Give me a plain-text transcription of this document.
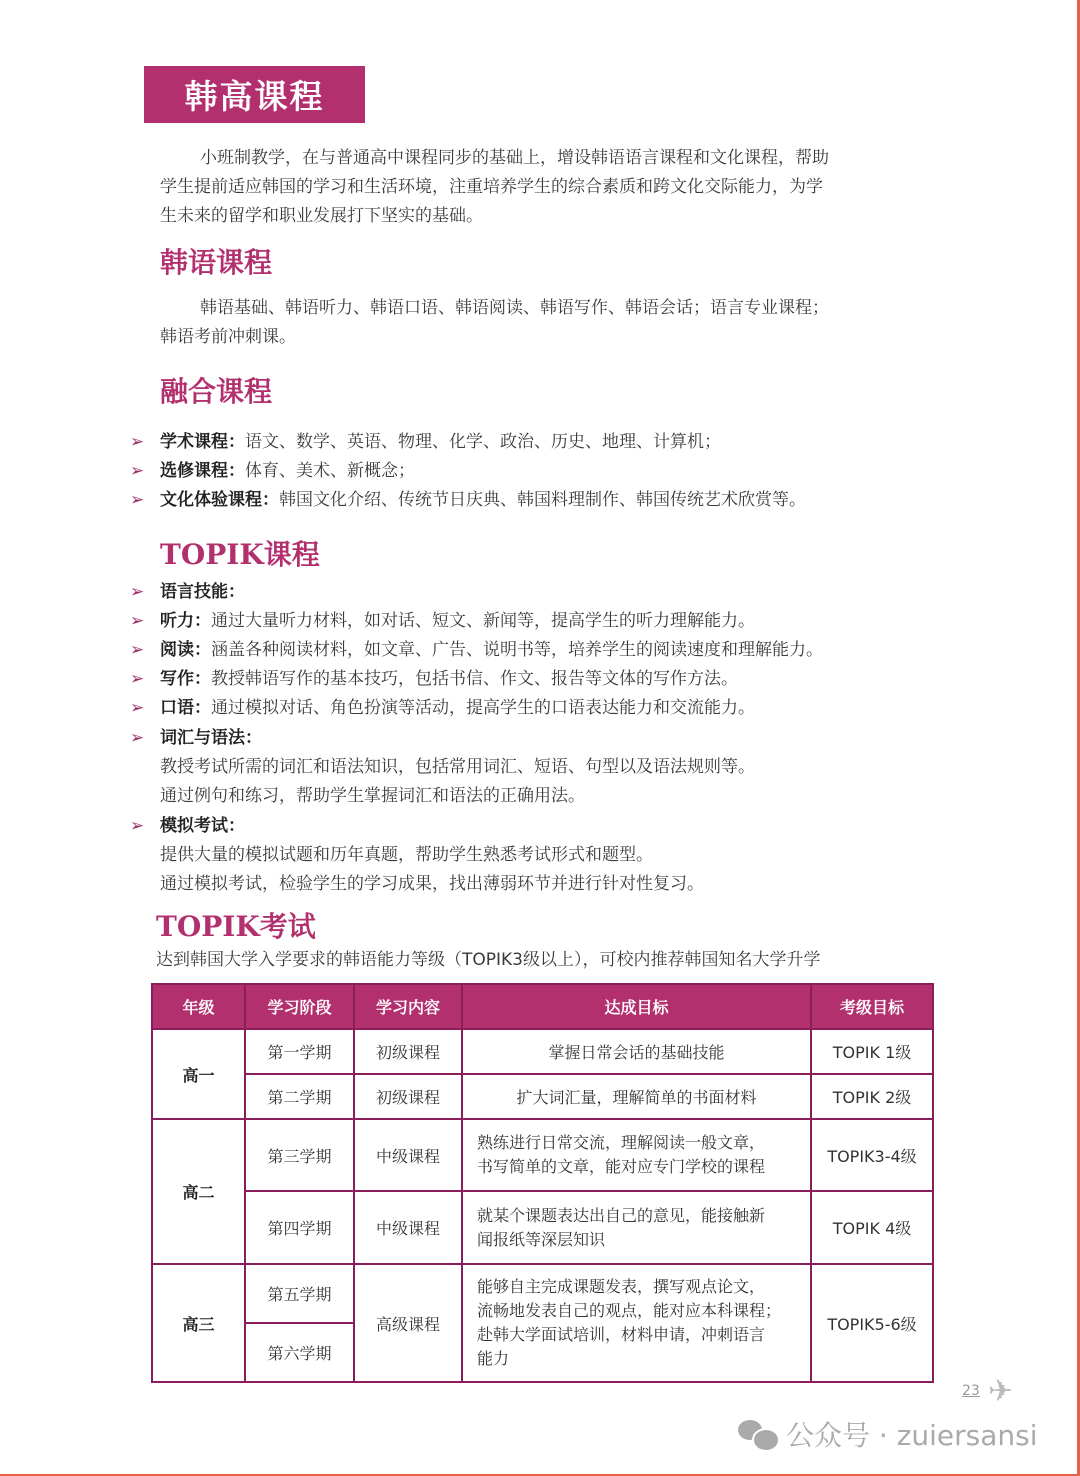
韩高课程
小班制教学，在与普通高中课程同步的基础上，增设韩语语言课程和文化课程，帮助
学生提前适应韩国的学习和生活环境，注重培养学生的综合素质和跨文化交际能力，为学
生未来的留学和职业发展打下坚实的基础。
韩语课程
韩语基础、韩语听力、韩语口语、韩语阅读、韩语写作、韩语会话；语言专业课程；
韩语考前冲刺课。
融合课程
➢ 学术课程：语文、数学、英语、物理、化学、政治、历史、地理、计算机；
➢ 选修课程：体育、美术、新概念；
➢ 文化体验课程：韩国文化介绍、传统节日庆典、韩国料理制作、韩国传统艺术欣赏等。
TOPIK课程
➢ 语言技能：
➢ 听力：通过大量听力材料，如对话、短文、新闻等，提高学生的听力理解能力。
➢ 阅读：涵盖各种阅读材料，如文章、广告、说明书等，培养学生的阅读速度和理解能力。
➢ 写作：教授韩语写作的基本技巧，包括书信、作文、报告等文体的写作方法。
➢ 口语：通过模拟对话、角色扮演等活动，提高学生的口语表达能力和交流能力。
➢ 词汇与语法：
教授考试所需的词汇和语法知识，包括常用词汇、短语、句型以及语法规则等。
通过例句和练习，帮助学生掌握词汇和语法的正确用法。
➢ 模拟考试：
提供大量的模拟试题和历年真题，帮助学生熟悉考试形式和题型。
通过模拟考试，检验学生的学习成果，找出薄弱环节并进行针对性复习。
TOPIK考试
达到韩国大学入学要求的韩语能力等级（TOPIK3级以上），可校内推荐韩国知名大学升学
年级	学习阶段	学习内容	达成目标	考级目标
高一	第一学期	初级课程	掌握日常会话的基础技能	TOPIK 1级
	第二学期	初级课程	扩大词汇量，理解简单的书面材料	TOPIK 2级
高二	第三学期	中级课程	熟练进行日常交流，理解阅读一般文章，
书写简单的文章，能对应专门学校的课程	TOPIK3-4级
	第四学期	中级课程	就某个课题表达出自己的意见，能接触新
闻报纸等深层知识	TOPIK 4级
高三	第五学期	高级课程	能够自主完成课题发表，撰写观点论文，
流畅地发表自己的观点，能对应本科课程；
赴韩大学面试培训，材料申请，冲刺语言
能力	TOPIK5-6级
	第六学期			
23 ✈
公众号 · zuiersansi
